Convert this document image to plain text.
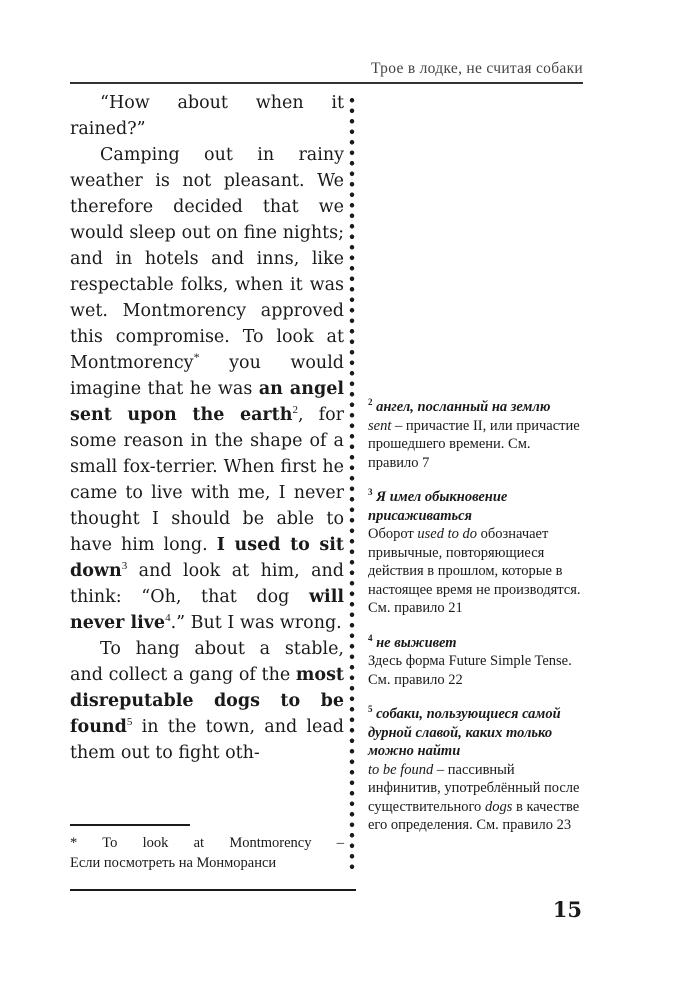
Трое в лодке, не считая собаки

“How about when it rained?”

Camping out in rainy weather is not pleasant. We therefore decided that we would sleep out on fine nights; and in hotels and inns, like respectable folks, when it was wet. Montmorency approved this compromise. To look at Montmorency* you would imagine that he was an angel sent upon the earth$^2$, for some reason in the shape of a small fox-terrier. When first he came to live with me, I never thought I should be able to have him long. I used to sit down$^3$ and look at him, and think: “Oh, that dog will never live$^4$.” But I was wrong.

To hang about a stable, and collect a gang of the most disreputable dogs to be found$^5$ in the town, and lead them out to fight oth-

* To look at Montmorency –
Если посмотреть на Монморанси
$^2$ ангел, посланный на землю
sent – причастие II, или причастие прошедшего времени. См. правило 7
$^3$ Я имел обыкновение присаживаться
Оборот used to do обозначает привычные, повторяющиеся действия в прошлом, которые в настоящее время не производятся. См. правило 21
$^4$ не выживет
Здесь форма Future Simple Tense. См. правило 22
$^5$ собаки, пользующиеся самой дурной славой, каких только можно найти
to be found – пассивный инфинитив, употреблённый после существительного dogs в качестве его определения. См. правило 23
15
